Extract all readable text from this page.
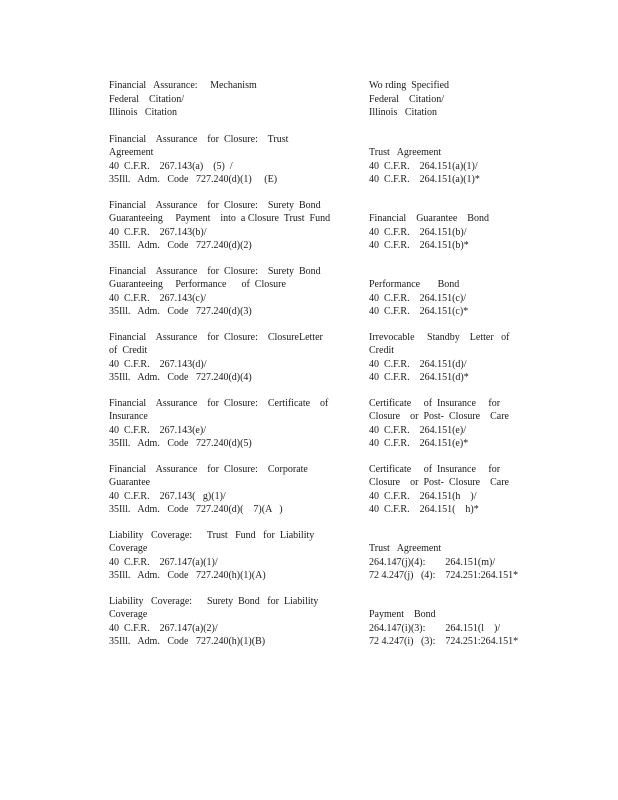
Financial   Assurance:     Mechanism
Federal    Citation/
Illinois   Citation
Wo rding  Specified
Federal    Citation/
Illinois   Citation
Financial    Assurance    for  Closure:    Trust
Agreement
40  C.F.R.    267.143(a)    (5)  /
35Ill.   Adm.   Code   727.240(d)(1)     (E)
Trust   Agreement
40  C.F.R.    264.151(a)(1)/
40  C.F.R.    264.151(a)(1)*
Financial    Assurance    for  Closure:    Surety  Bond
Guaranteeing     Payment    into  a Closure  Trust  Fund
40  C.F.R.    267.143(b)/
35Ill.   Adm.   Code   727.240(d)(2)
Financial    Guarantee    Bond
40  C.F.R.    264.151(b)/
40  C.F.R.    264.151(b)*
Financial    Assurance    for  Closure:    Surety  Bond
Guaranteeing     Performance      of  Closure
40  C.F.R.    267.143(c)/
35Ill.   Adm.   Code   727.240(d)(3)
Performance       Bond
40  C.F.R.    264.151(c)/
40  C.F.R.    264.151(c)*
Financial    Assurance    for  Closure:    ClosureLetter
of  Credit
40  C.F.R.    267.143(d)/
35Ill.   Adm.   Code   727.240(d)(4)
Irrevocable     Standby    Letter   of
Credit
40  C.F.R.    264.151(d)/
40  C.F.R.    264.151(d)*
Financial    Assurance    for  Closure:    Certificate    of
Insurance
40  C.F.R.    267.143(e)/
35Ill.   Adm.   Code   727.240(d)(5)
Certificate     of  Insurance     for
Closure    or  Post-  Closure    Care
40  C.F.R.    264.151(e)/
40  C.F.R.    264.151(e)*
Financial    Assurance    for  Closure:    Corporate
Guarantee
40  C.F.R.    267.143(   g)(1)/
35Ill.   Adm.   Code   727.240(d)(    7)(A   )
Certificate     of  Insurance     for
Closure    or  Post-  Closure    Care
40  C.F.R.    264.151(h    )/
40  C.F.R.    264.151(    h)*
Liability   Coverage:      Trust   Fund   for  Liability
Coverage
40  C.F.R.    267.147(a)(1)/
35Ill.   Adm.   Code   727.240(h)(1)(A)
Trust   Agreement
264.147(j)(4):        264.151(m)/
72 4.247(j)   (4):    724.251:264.151*
Liability   Coverage:      Surety  Bond   for  Liability
Coverage
40  C.F.R.    267.147(a)(2)/
35Ill.   Adm.   Code   727.240(h)(1)(B)
Payment    Bond
264.147(i)(3):        264.151(l    )/
72 4.247(i)   (3):    724.251:264.151*
